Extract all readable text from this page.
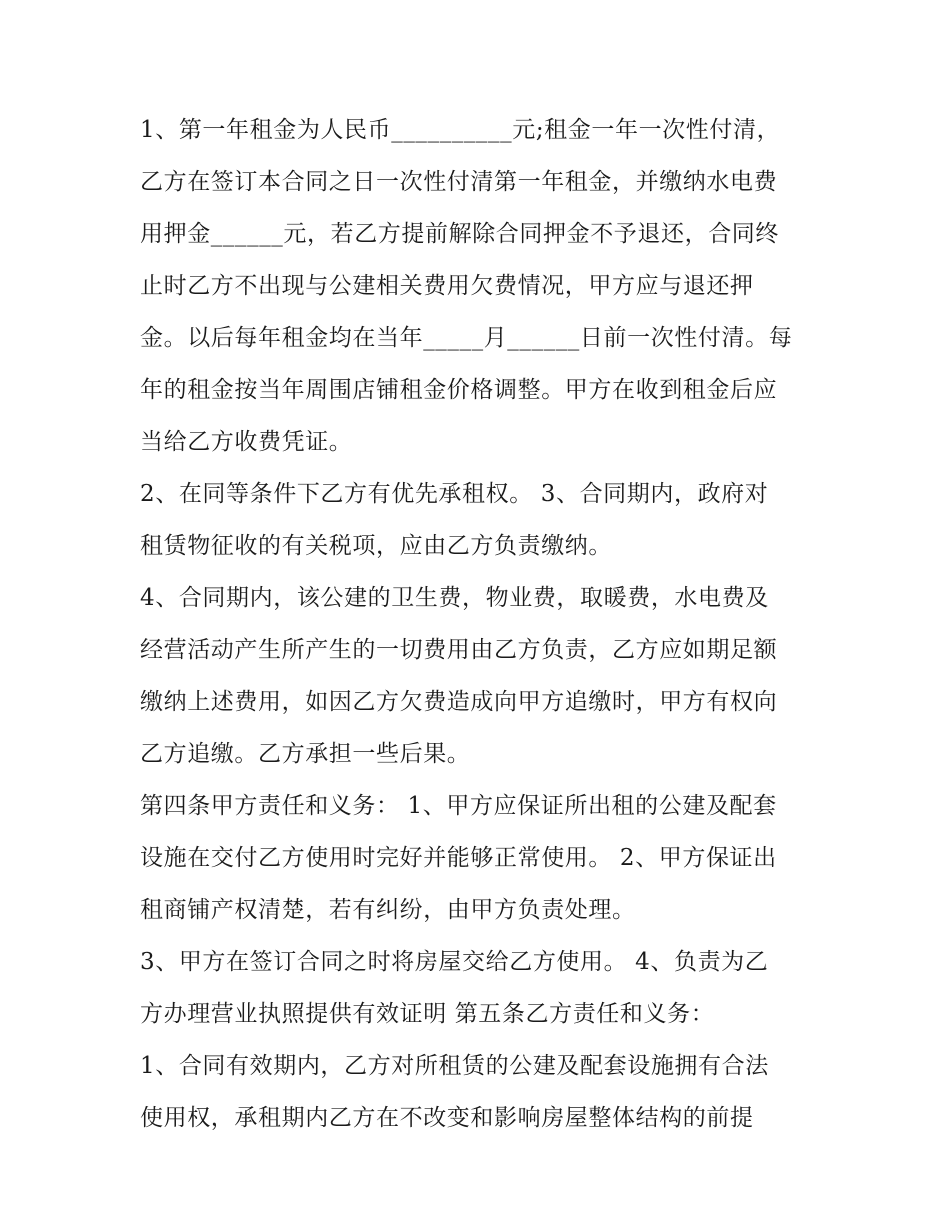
1、第一年租金为人民币__________元;租金一年一次性付清，
乙方在签订本合同之日一次性付清第一年租金，并缴纳水电费
用押金______元，若乙方提前解除合同押金不予退还，合同终
止时乙方不出现与公建相关费用欠费情况，甲方应与退还押
金。以后每年租金均在当年_____月______日前一次性付清。每
年的租金按当年周围店铺租金价格调整。甲方在收到租金后应
当给乙方收费凭证。
2、在同等条件下乙方有优先承租权。 3、合同期内，政府对
租赁物征收的有关税项，应由乙方负责缴纳。
4、合同期内，该公建的卫生费，物业费，取暖费，水电费及
经营活动产生所产生的一切费用由乙方负责，乙方应如期足额
缴纳上述费用，如因乙方欠费造成向甲方追缴时，甲方有权向
乙方追缴。乙方承担一些后果。
第四条甲方责任和义务： 1、甲方应保证所出租的公建及配套
设施在交付乙方使用时完好并能够正常使用。 2、甲方保证出
租商铺产权清楚，若有纠纷，由甲方负责处理。
3、甲方在签订合同之时将房屋交给乙方使用。 4、负责为乙
方办理营业执照提供有效证明 第五条乙方责任和义务：
1、合同有效期内，乙方对所租赁的公建及配套设施拥有合法
使用权，承租期内乙方在不改变和影响房屋整体结构的前提
